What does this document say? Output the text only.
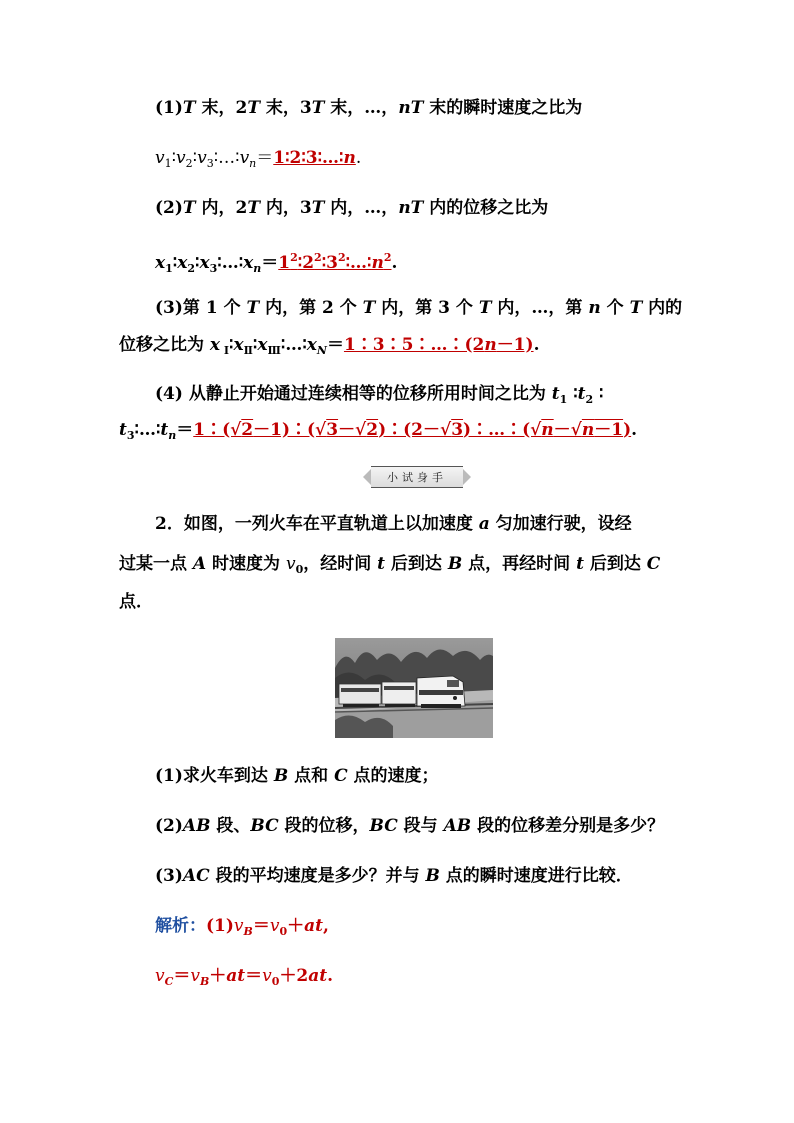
(1)T 末，2T 末，3T 末，…，nT 末的瞬时速度之比为
$v_1∶v_2∶v_3∶\dots∶v_n=1∶2∶3∶\dots∶n$.
(2)T 内，2T 内，3T 内，…，nT 内的位移之比为
$x_1∶x_2∶x_3∶\dots∶x_n=1^2∶2^2∶3^2∶\dots∶n^2$.
(3)第 1 个 T 内，第 2 个 T 内，第 3 个 T 内，…，第 n 个 T 内的
位移之比为 x $_Ⅰ∶x_Ⅱ∶x_Ⅲ∶\dots∶x_N=1∶3∶5∶\dots∶(2n-1)$.
(4) 从静止开始通过连续相等的位移所用时间之比为 $t_1$ $∶t_2$ ∶
$t_3∶\dots∶t_n=1∶(√2-1)∶(√3-√2)∶(2-√3)∶\dots∶(√n-√n-1)$.
小试身手
2．如图，一列火车在平直轨道上以加速度 a 匀加速行驶，设经
过某一点 A 时速度为 $v_0$，经时间 t 后到达 B 点，再经时间 t 后到达 C
点．
(1)求火车到达 B 点和 C 点的速度；
(2)AB 段、BC 段的位移，BC 段与 AB 段的位移差分别是多少？
(3)AC 段的平均速度是多少？并与 B 点的瞬时速度进行比较．
解析：$(1)v_B=v_0+at$,
$v_C=v_B+at=v_0+2at$.
